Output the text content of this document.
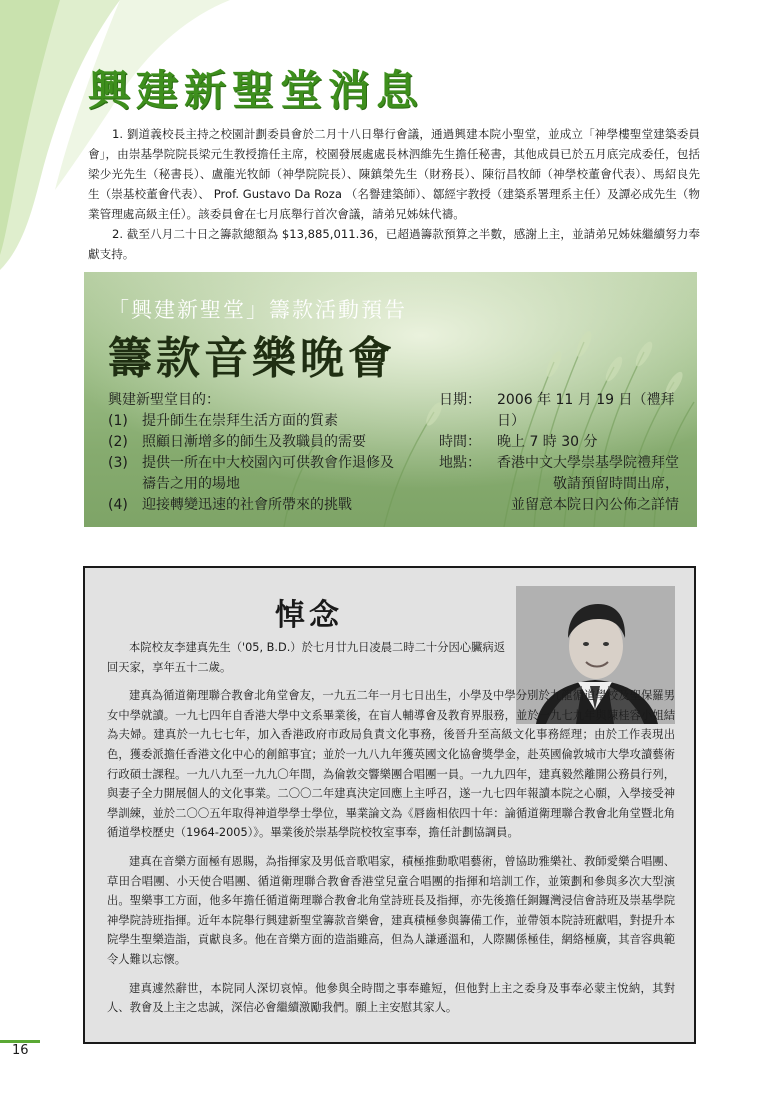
興建新聖堂消息

1. 劉道義校長主持之校園計劃委員會於二月十八日舉行會議，通過興建本院小聖堂，並成立「神學樓聖堂建築委員會」，由崇基學院院長梁元生教授擔任主席，校園發展處處長林泗維先生擔任秘書，其他成員已於五月底完成委任，包括梁少光先生（秘書長）、盧龍光牧師（神學院院長）、陳鎮榮先生（財務長）、陳衍昌牧師（神學校董會代表）、馬紹良先生（崇基校董會代表）、 Prof. Gustavo Da Roza （名譽建築師）、鄒經宇教授（建築系署理系主任）及譚必成先生（物業管理處高級主任）。該委員會在七月底舉行首次會議，請弟兄姊妹代禱。

2. 截至八月二十日之籌款總額為 $13,885,011.36，已超過籌款預算之半數，感謝上主，並請弟兄姊妹繼續努力奉獻支持。

「興建新聖堂」籌款活動預告
籌款音樂晚會
興建新聖堂目的：
(1)	提升師生在崇拜生活方面的質素
(2)	照顧日漸增多的師生及教職員的需要
(3)	提供一所在中大校園內可供教會作退修及
禱告之用的場地
(4)	迎接轉變迅速的社會所帶來的挑戰
日期：	2006 年 11 月 19 日（禮拜日）
時間：	晚上 7 時 30 分
地點：	香港中文大學崇基學院禮拜堂
敬請預留時間出席，
並留意本院日內公佈之詳情
悼念

本院校友李建真先生（'05, B.D.）於七月廿九日凌晨二時二十分因心臟病返回天家，享年五十二歲。

建真為循道衛理聯合教會北角堂會友，一九五二年一月七日出生，小學及中學分別於九龍循道學校及聖保羅男女中學就讀。一九七四年自香港大學中文系畢業後，在盲人輔導會及教育界服務，並於一九七九年與陳桂容小姐結為夫婦。建真於一九七七年，加入香港政府市政局負責文化事務，後晉升至高級文化事務經理；由於工作表現出色，獲委派擔任香港文化中心的創館事宜；並於一九八九年獲英國文化協會獎學金，赴英國倫敦城市大學攻讀藝術行政碩士課程。一九八九至一九九〇年間，為倫敦交響樂團合唱團一員。一九九四年，建真毅然離開公務員行列，與妻子全力開展個人的文化事業。二〇〇二年建真決定回應上主呼召，遂一九七四年報讀本院之心願，入學接受神學訓練，並於二〇〇五年取得神道學學士學位，畢業論文為《唇齒相依四十年：論循道衛理聯合教會北角堂暨北角循道學校歷史（1964-2005）》。畢業後於崇基學院校牧室事奉，擔任計劃協調員。

建真在音樂方面極有恩賜，為指揮家及男低音歌唱家，積極推動歌唱藝術，曾協助雅樂社、教師愛樂合唱團、草田合唱團、小天使合唱團、循道衛理聯合教會香港堂兒童合唱團的指揮和培訓工作，並策劃和參與多次大型演出。聖樂事工方面，他多年擔任循道衛理聯合教會北角堂詩班長及指揮，亦先後擔任銅鑼灣浸信會詩班及崇基學院神學院詩班指揮。近年本院舉行興建新聖堂籌款音樂會，建真積極參與籌備工作，並帶領本院詩班獻唱，對提升本院學生聖樂造詣，貢獻良多。他在音樂方面的造詣雖高，但為人謙遜溫和，人際關係極佳，網絡極廣，其音容典範令人難以忘懷。

建真遽然辭世，本院同人深切哀悼。他參與全時間之事奉雖短，但他對上主之委身及事奉必蒙主悅納，其對人、教會及上主之忠誠，深信必會繼續激勵我們。願上主安慰其家人。

16
